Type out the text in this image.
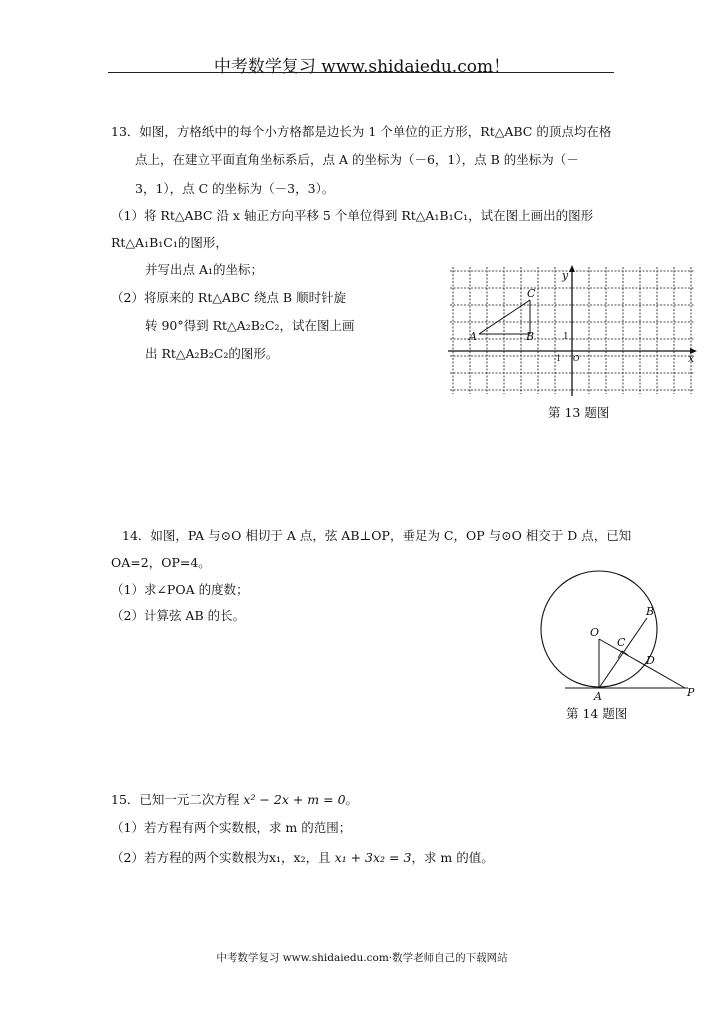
中考数学复习 www.shidaiedu.com！
13．如图，方格纸中的每个小方格都是边长为 1 个单位的正方形，Rt△ABC 的顶点均在格
点上，在建立平面直角坐标系后，点 A 的坐标为（－6，1），点 B 的坐标为（－
3，1），点 C 的坐标为（－3，3）。
（1）将 Rt△ABC 沿 x 轴正方向平移 5 个单位得到 Rt△A₁B₁C₁，试在图上画出的图形
Rt△A₁B₁C₁的图形，
并写出点 A₁的坐标；
（2）将原来的 Rt△ABC 绕点 B 顺时针旋
转 90°得到 Rt△A₂B₂C₂，试在图上画
出 Rt△A₂B₂C₂的图形。
y
x
A	B
C
1
1 O
第 13 题图
14．如图，PA 与⊙O 相切于 A 点，弦 AB⊥OP，垂足为 C，OP 与⊙O 相交于 D 点，已知
OA=2，OP=4。
（1）求∠POA 的度数；
（2）计算弦 AB 的长。
O
B
C
D
A	P
第 14 题图
15．已知一元二次方程 x² − 2x + m = 0。
（1）若方程有两个实数根，求 m 的范围；
（2）若方程的两个实数根为x₁，x₂，且 x₁ + 3x₂ = 3，求 m 的值。
中考数学复习 www.shidaiedu.com·数学老师自己的下载网站
